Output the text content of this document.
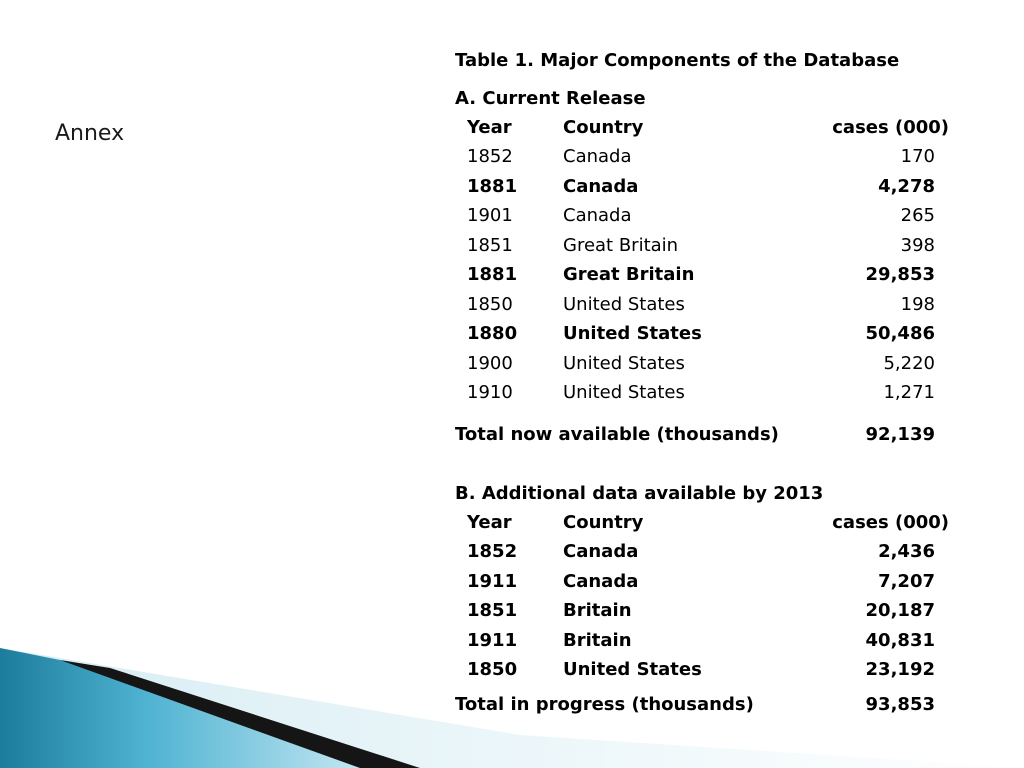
Annex
Table 1. Major Components of the Database
A. Current Release
Year	Country	cases (000)
1852	Canada	170
1881	Canada	4,278
1901	Canada	265
1851	Great Britain	398
1881	Great Britain	29,853
1850	United States	198
1880	United States	50,486
1900	United States	5,220
1910	United States	1,271
Total now available (thousands)	92,139
B. Additional data available by 2013
Year	Country	cases (000)
1852	Canada	2,436
1911	Canada	7,207
1851	Britain	20,187
1911	Britain	40,831
1850	United States	23,192
Total in progress (thousands)	93,853
